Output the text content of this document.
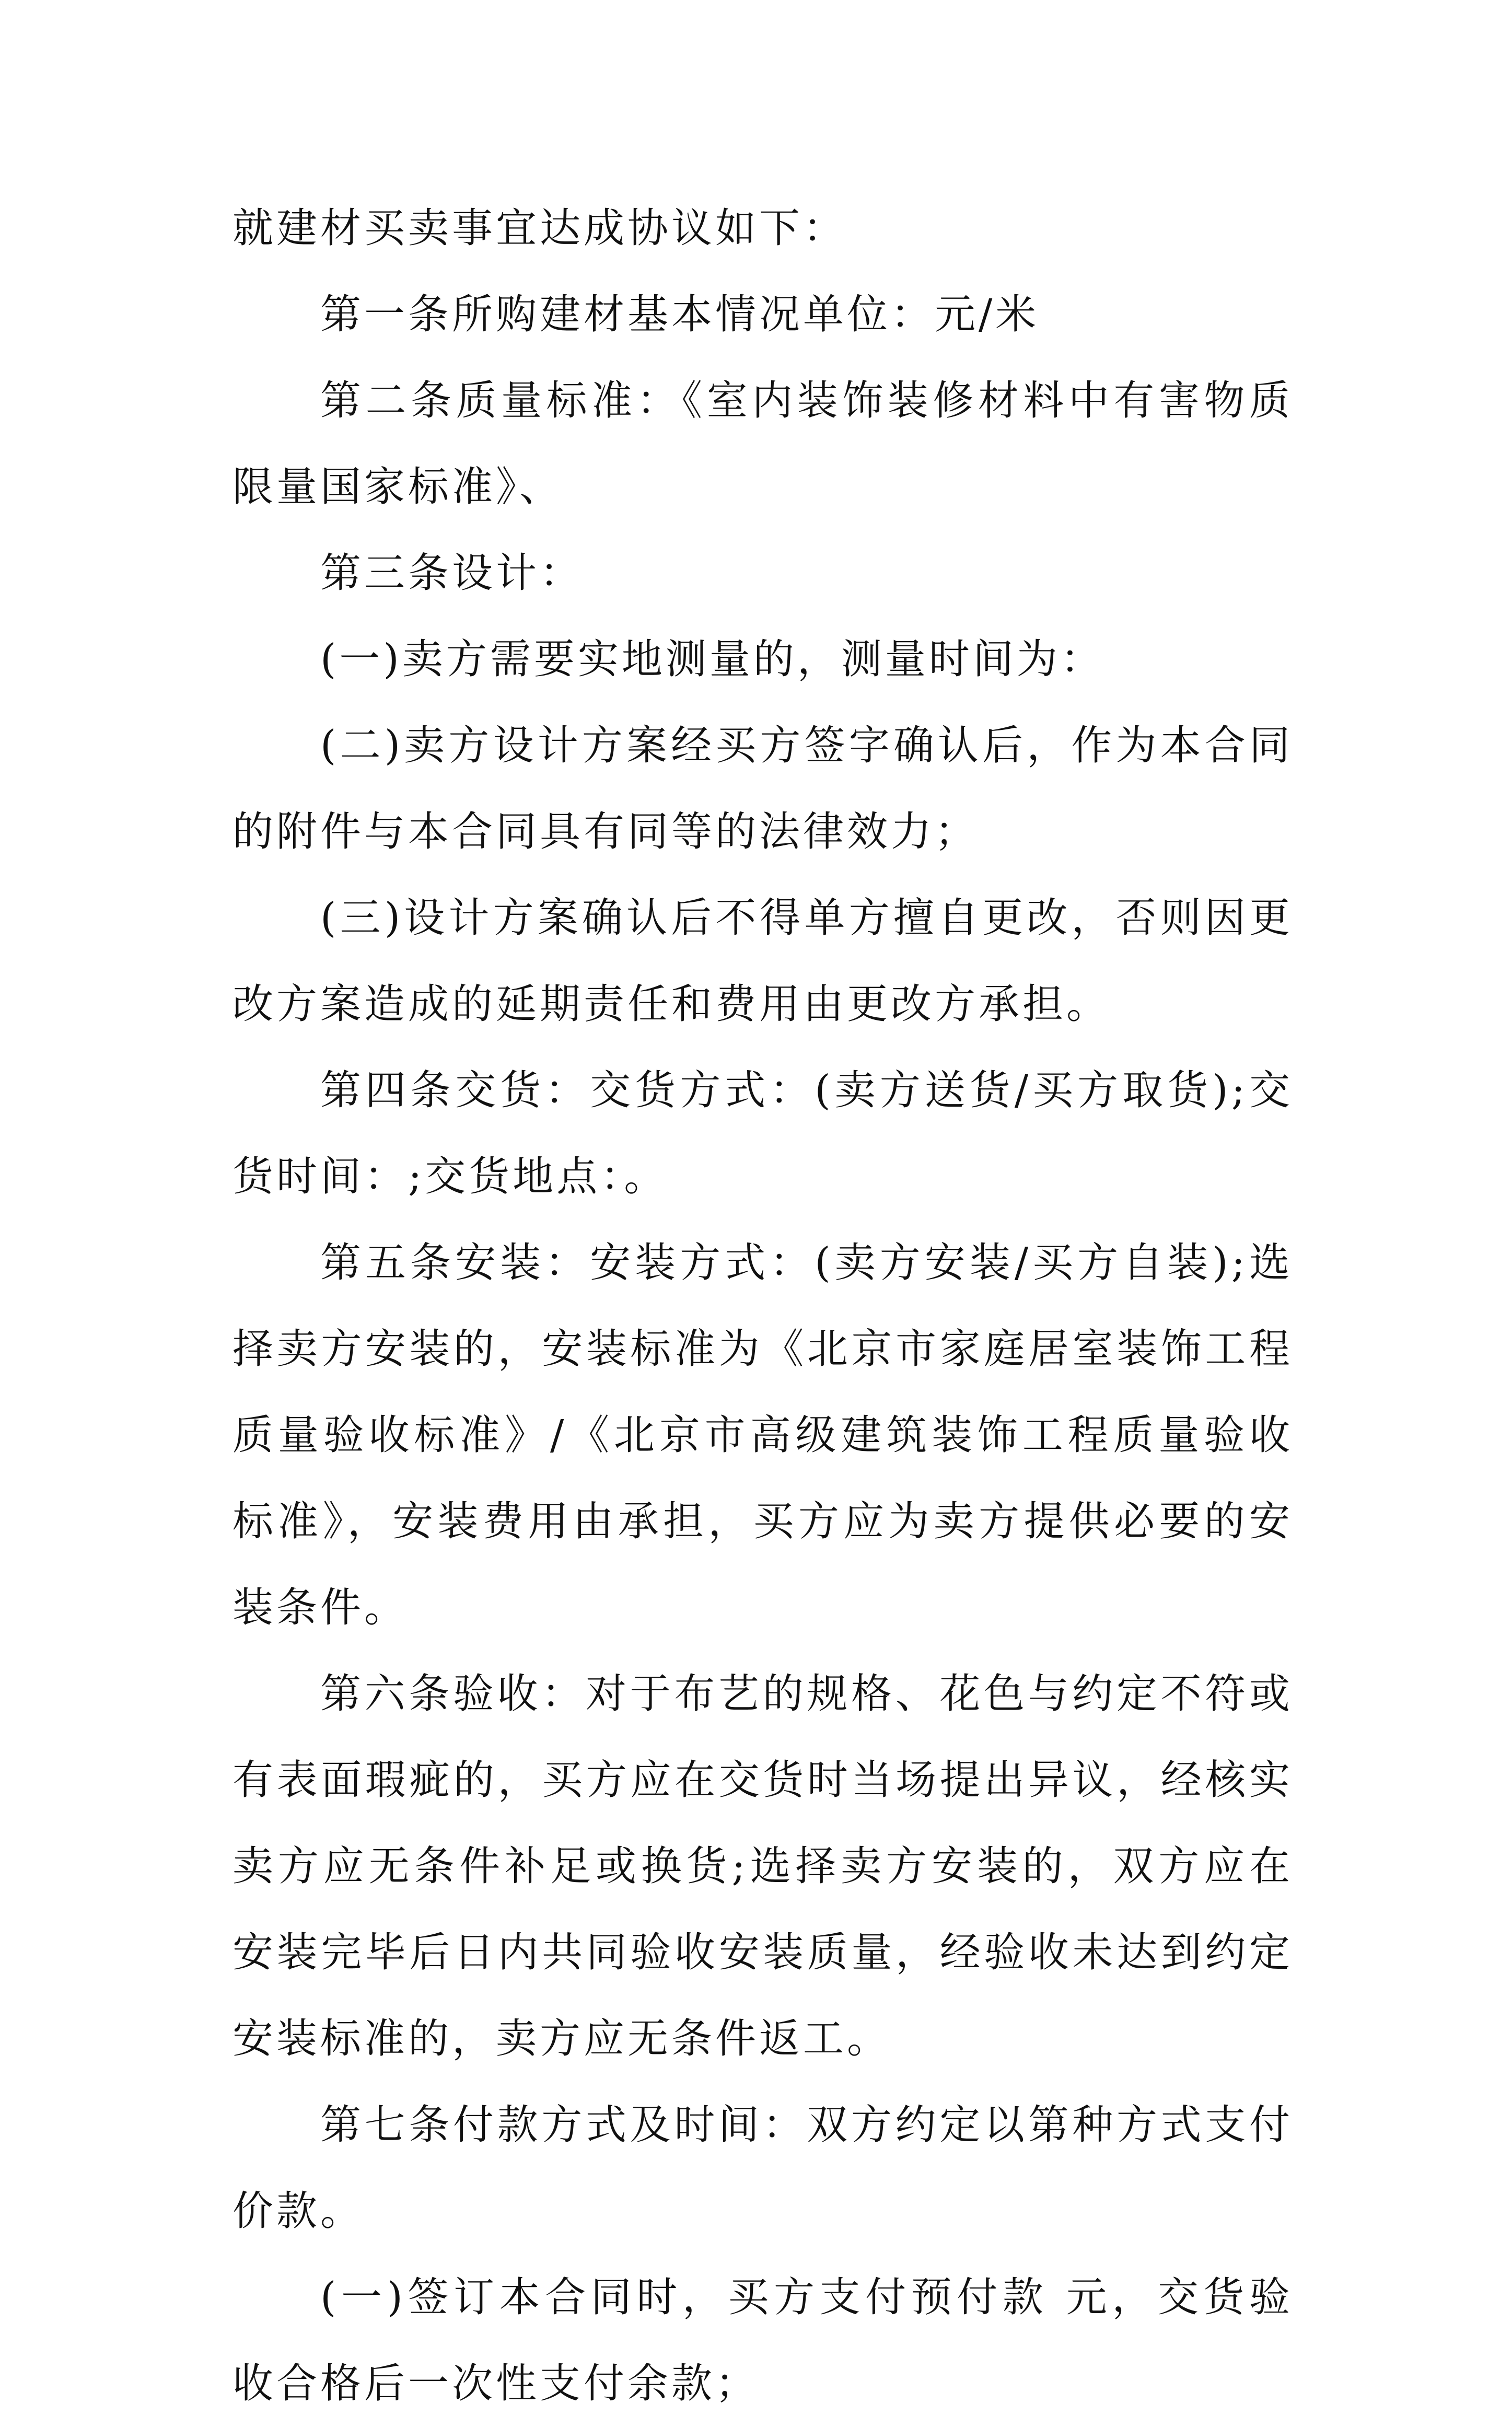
就建材买卖事宜达成协议如下：

第一条所购建材基本情况单位：元/米

第二条质量标准：《室内装饰装修材料中有害物质限量国家标准》、

第三条设计：

(一)卖方需要实地测量的，测量时间为：

(二)卖方设计方案经买方签字确认后，作为本合同的附件与本合同具有同等的法律效力；

(三)设计方案确认后不得单方擅自更改，否则因更改方案造成的延期责任和费用由更改方承担。

第四条交货：交货方式：(卖方送货/买方取货);交货时间：;交货地点：。

第五条安装：安装方式：(卖方安装/买方自装);选择卖方安装的，安装标准为《北京市家庭居室装饰工程质量验收标准》/《北京市高级建筑装饰工程质量验收标准》，安装费用由承担，买方应为卖方提供必要的安装条件。

第六条验收：对于布艺的规格、花色与约定不符或有表面瑕疵的，买方应在交货时当场提出异议，经核实卖方应无条件补足或换货;选择卖方安装的，双方应在安装完毕后日内共同验收安装质量，经验收未达到约定安装标准的，卖方应无条件返工。

第七条付款方式及时间：双方约定以第种方式支付价款。

(一)签订本合同时，买方支付预付款 元，交货验收合格后一次性支付余款；
